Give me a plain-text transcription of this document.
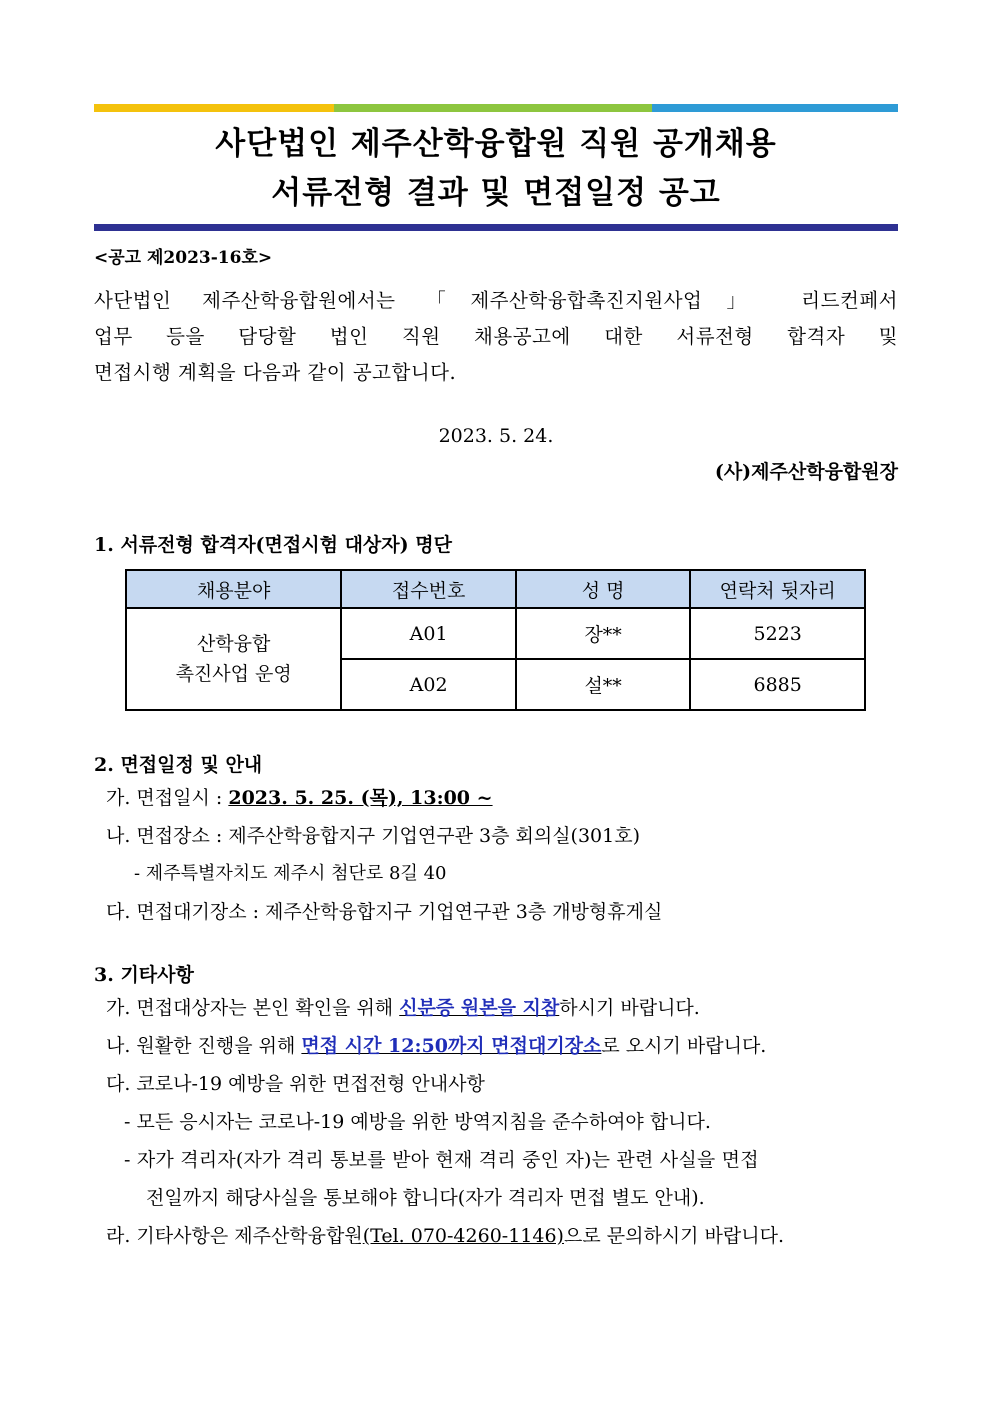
사단법인 제주산학융합원 직원 공개채용
서류전형 결과 및 면접일정 공고
<공고 제2023-16호>
사단법인 제주산학융합원에서는 「제주산학융합촉진지원사업」 리드컨페서
업무 등을 담당할 법인 직원 채용공고에 대한 서류전형 합격자 및
면접시행 계획을 다음과 같이 공고합니다.
2023. 5. 24.
(사)제주산학융합원장
1. 서류전형 합격자(면접시험 대상자) 명단
채용분야	접수번호	성 명	연락처 뒷자리

산학융합
촉진사업 운영	A01	장**	5223
	A02	설**	6885
2. 면접일정 및 안내
가. 면접일시 : 2023. 5. 25. (목), 13:00 ~
나. 면접장소 : 제주산학융합지구 기업연구관 3층 회의실(301호)
- 제주특별자치도 제주시 첨단로 8길 40
다. 면접대기장소 : 제주산학융합지구 기업연구관 3층 개방형휴게실
3. 기타사항
가. 면접대상자는 본인 확인을 위해 신분증 원본을 지참하시기 바랍니다.
나. 원활한 진행을 위해 면접 시간 12:50까지 면접대기장소로 오시기 바랍니다.
다. 코로나-19 예방을 위한 면접전형 안내사항
- 모든 응시자는 코로나-19 예방을 위한 방역지침을 준수하여야 합니다.
- 자가 격리자(자가 격리 통보를 받아 현재 격리 중인 자)는 관련 사실을 면접
전일까지 해당사실을 통보해야 합니다(자가 격리자 면접 별도 안내).
라. 기타사항은 제주산학융합원(Tel. 070-4260-1146)으로 문의하시기 바랍니다.
